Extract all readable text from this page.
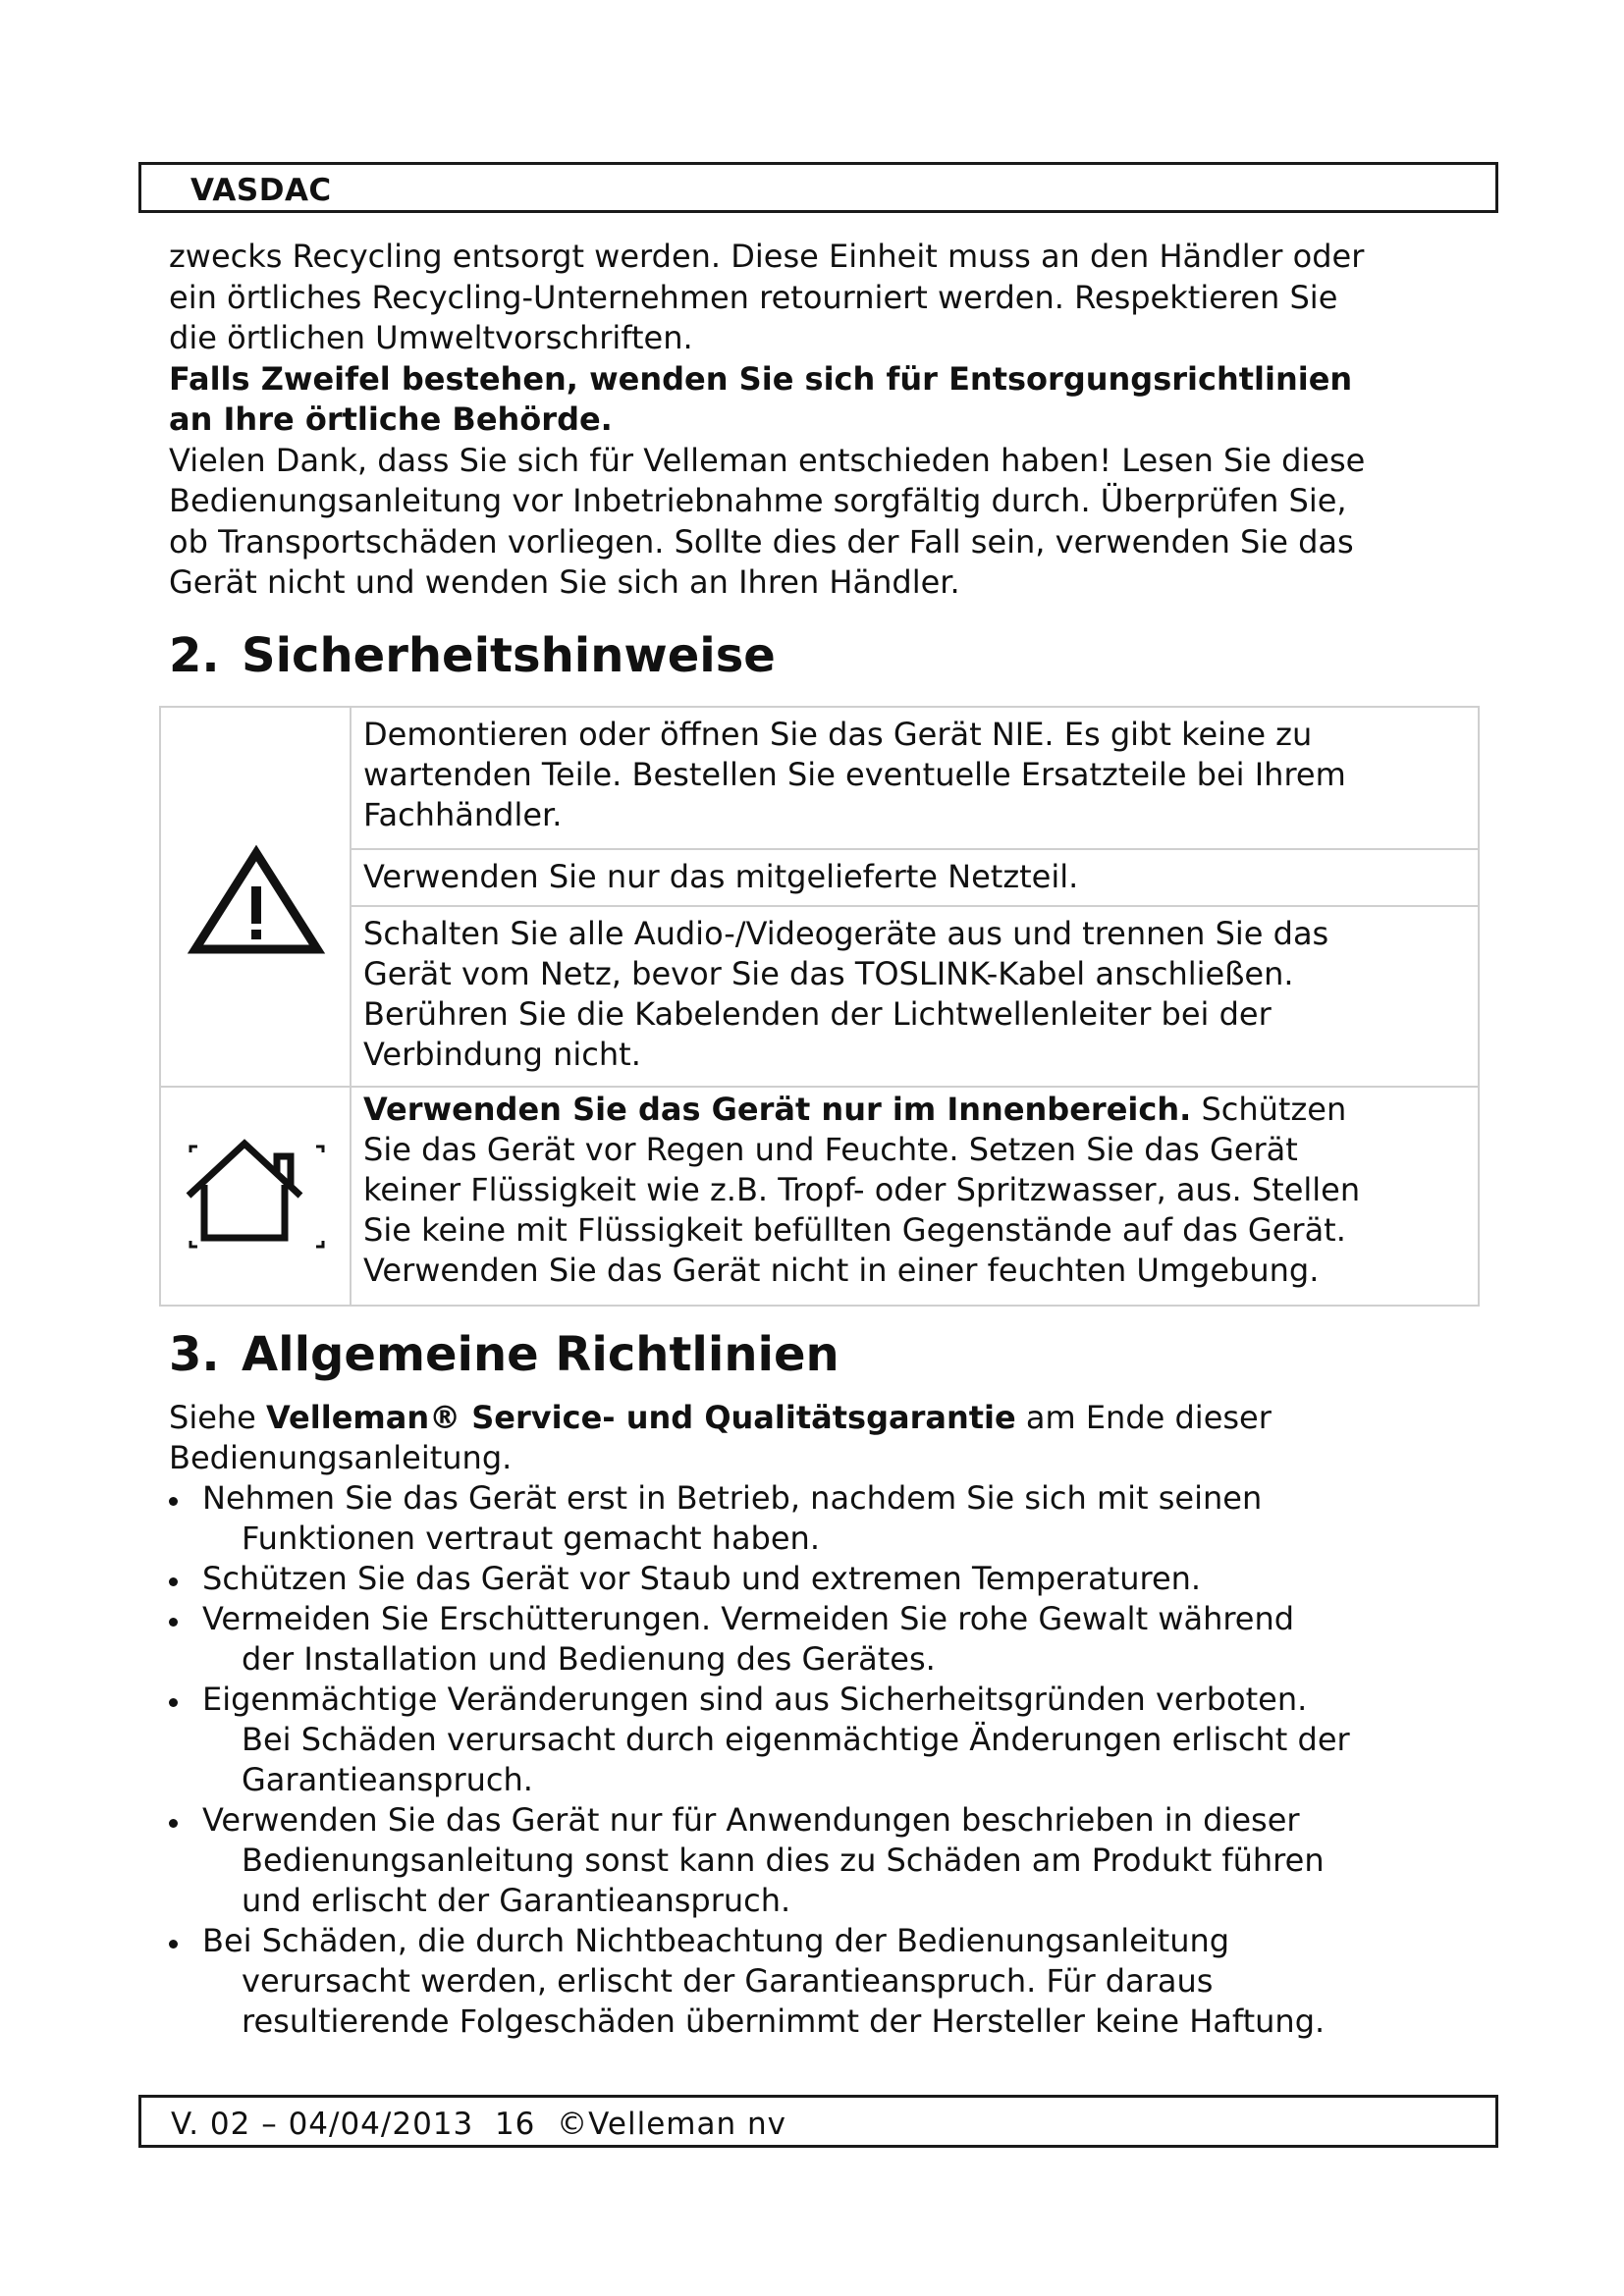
VASDAC

zwecks Recycling entsorgt werden. Diese Einheit muss an den Händler oder

ein örtliches Recycling-Unternehmen retourniert werden. Respektieren Sie

die örtlichen Umweltvorschriften.

Falls Zweifel bestehen, wenden Sie sich für Entsorgungsrichtlinien

an Ihre örtliche Behörde.

Vielen Dank, dass Sie sich für Velleman entschieden haben! Lesen Sie diese

Bedienungsanleitung vor Inbetriebnahme sorgfältig durch. Überprüfen Sie,

ob Transportschäden vorliegen. Sollte dies der Fall sein, verwenden Sie das

Gerät nicht und wenden Sie sich an Ihren Händler.

2. Sicherheitshinweise
Demontieren oder öffnen Sie das Gerät NIE. Es gibt keine zu
wartenden Teile. Bestellen Sie eventuelle Ersatzteile bei Ihrem
Fachhändler.
Verwenden Sie nur das mitgelieferte Netzteil.
Schalten Sie alle Audio-/Videogeräte aus und trennen Sie das
Gerät vom Netz, bevor Sie das TOSLINK-Kabel anschließen.
Berühren Sie die Kabelenden der Lichtwellenleiter bei der
Verbindung nicht.
Verwenden Sie das Gerät nur im Innenbereich. Schützen
Sie das Gerät vor Regen und Feuchte. Setzen Sie das Gerät
keiner Flüssigkeit wie z.B. Tropf- oder Spritzwasser, aus. Stellen
Sie keine mit Flüssigkeit befüllten Gegenstände auf das Gerät.
Verwenden Sie das Gerät nicht in einer feuchten Umgebung.
3. Allgemeine Richtlinien

Siehe Velleman® Service- und Qualitätsgarantie am Ende dieser

Bedienungsanleitung.

Nehmen Sie das Gerät erst in Betrieb, nachdem Sie sich mit seinen
Funktionen vertraut gemacht haben.
Schützen Sie das Gerät vor Staub und extremen Temperaturen.
Vermeiden Sie Erschütterungen. Vermeiden Sie rohe Gewalt während
der Installation und Bedienung des Gerätes.
Eigenmächtige Veränderungen sind aus Sicherheitsgründen verboten.
Bei Schäden verursacht durch eigenmächtige Änderungen erlischt der
Garantieanspruch.
Verwenden Sie das Gerät nur für Anwendungen beschrieben in dieser
Bedienungsanleitung sonst kann dies zu Schäden am Produkt führen
und erlischt der Garantieanspruch.
Bei Schäden, die durch Nichtbeachtung der Bedienungsanleitung
verursacht werden, erlischt der Garantieanspruch. Für daraus
resultierende Folgeschäden übernimmt der Hersteller keine Haftung.
V. 02 – 04/04/2013  16  ©Velleman nv
